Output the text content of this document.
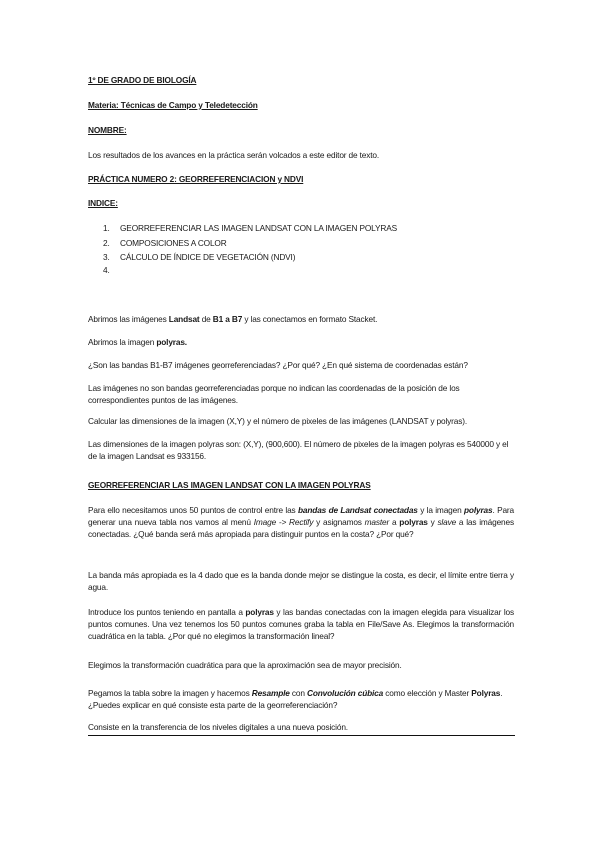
1º DE GRADO DE BIOLOGÍA
Materia: Técnicas de Campo y Teledetección
NOMBRE:
Los resultados de los avances en la práctica serán volcados a este editor de texto.
PRÁCTICA NUMERO 2: GEORREFERENCIACION y NDVI
INDICE:
1. GEORREFERENCIAR LAS IMAGEN LANDSAT CON LA IMAGEN POLYRAS
2. COMPOSICIONES A COLOR
3. CÁLCULO DE ÍNDICE DE VEGETACIÓN (NDVI)
4.
Abrimos las imágenes Landsat de B1 a B7 y las conectamos en formato Stacket.
Abrimos la imagen polyras.
¿Son las bandas B1-B7 imágenes georreferenciadas? ¿Por qué? ¿En qué sistema de coordenadas están?
Las imágenes no son bandas georreferenciadas porque no indican las coordenadas de la posición de los correspondientes puntos de las imágenes.
Calcular las dimensiones de la imagen (X,Y) y el número de pixeles de las imágenes (LANDSAT y polyras).
Las dimensiones de la imagen polyras son: (X,Y), (900,600). El número de pixeles de la imagen polyras es 540000 y el de la imagen Landsat es 933156.
GEORREFERENCIAR LAS IMAGEN LANDSAT CON LA IMAGEN POLYRAS
Para ello necesitamos unos 50 puntos de control entre las bandas de Landsat conectadas y la imagen polyras. Para generar una nueva tabla nos vamos al menú Image -> Rectify y asignamos master a polyras y slave a las imágenes conectadas. ¿Qué banda será más apropiada para distinguir puntos en la costa? ¿Por qué?
La banda más apropiada es la 4 dado que es la banda donde mejor se distingue la costa, es decir, el límite entre tierra y agua.
Introduce los puntos teniendo en pantalla a polyras y las bandas conectadas con la imagen elegida para visualizar los puntos comunes. Una vez tenemos los 50 puntos comunes graba la tabla en File/Save As. Elegimos la transformación cuadrática en la tabla. ¿Por qué no elegimos la transformación lineal?
Elegimos la transformación cuadrática para que la aproximación sea de mayor precisión.
Pegamos la tabla sobre la imagen y hacemos Resample con Convolución cúbica como elección y Master Polyras. ¿Puedes explicar en qué consiste esta parte de la georreferenciación?
Consiste en la transferencia de los niveles digitales a una nueva posición.
